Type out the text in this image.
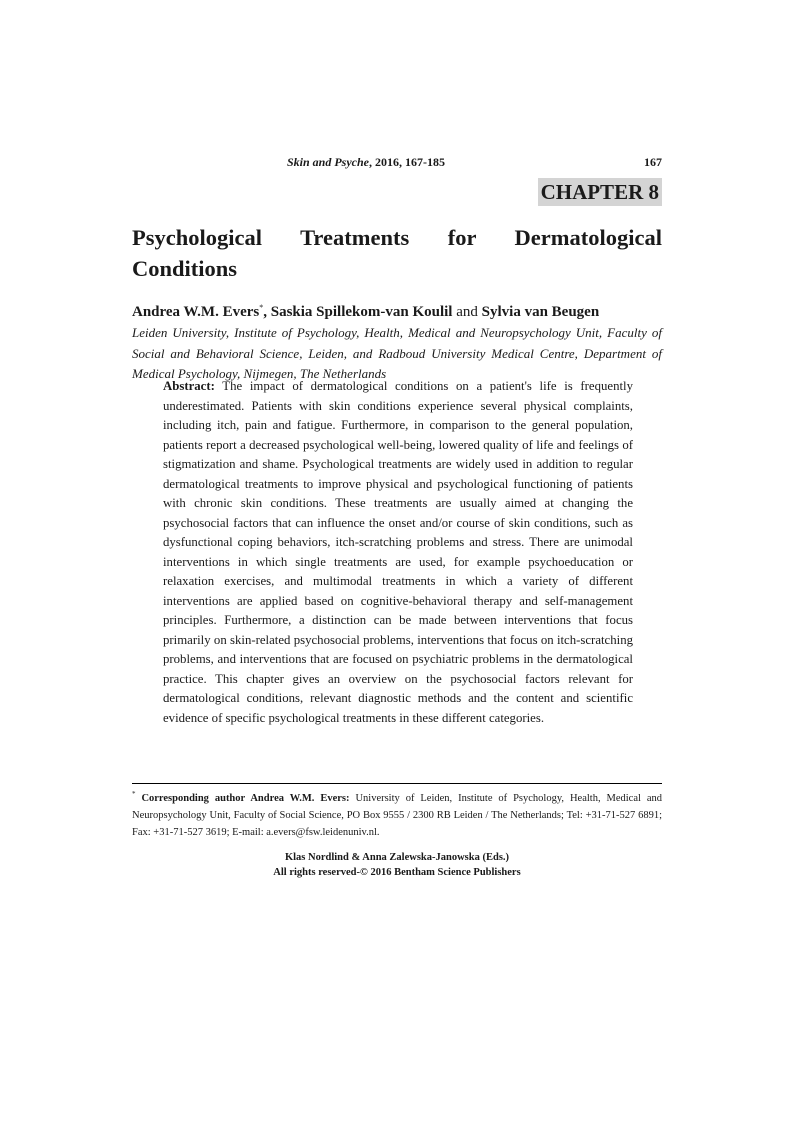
Skin and Psyche, 2016, 167-185	167
CHAPTER 8
Psychological Treatments for Dermatological
Conditions
Andrea W.M. Evers*, Saskia Spillekom-van Koulil and Sylvia van Beugen
Leiden University, Institute of Psychology, Health, Medical and Neuropsychology Unit, Faculty of Social and Behavioral Science, Leiden, and Radboud University Medical Centre, Department of Medical Psychology, Nijmegen, The Netherlands
Abstract: The impact of dermatological conditions on a patient's life is frequently underestimated. Patients with skin conditions experience several physical complaints, including itch, pain and fatigue. Furthermore, in comparison to the general population, patients report a decreased psychological well-being, lowered quality of life and feelings of stigmatization and shame. Psychological treatments are widely used in addition to regular dermatological treatments to improve physical and psychological functioning of patients with chronic skin conditions. These treatments are usually aimed at changing the psychosocial factors that can influence the onset and/or course of skin conditions, such as dysfunctional coping behaviors, itch-scratching problems and stress. There are unimodal interventions in which single treatments are used, for example psychoeducation or relaxation exercises, and multimodal treatments in which a variety of different interventions are applied based on cognitive-behavioral therapy and self-management principles. Furthermore, a distinction can be made between interventions that focus primarily on skin-related psychosocial problems, interventions that focus on itch-scratching problems, and interventions that are focused on psychiatric problems in the dermatological practice. This chapter gives an overview on the psychosocial factors relevant for dermatological conditions, relevant diagnostic methods and the content and scientific evidence of specific psychological treatments in these different categories.
* Corresponding author Andrea W.M. Evers: University of Leiden, Institute of Psychology, Health, Medical and Neuropsychology Unit, Faculty of Social Science, PO Box 9555 / 2300 RB Leiden / The Netherlands; Tel: +31-71-527 6891; Fax: +31-71-527 3619; E-mail: a.evers@fsw.leidenuniv.nl.
Klas Nordlind & Anna Zalewska-Janowska (Eds.)
All rights reserved-© 2016 Bentham Science Publishers
